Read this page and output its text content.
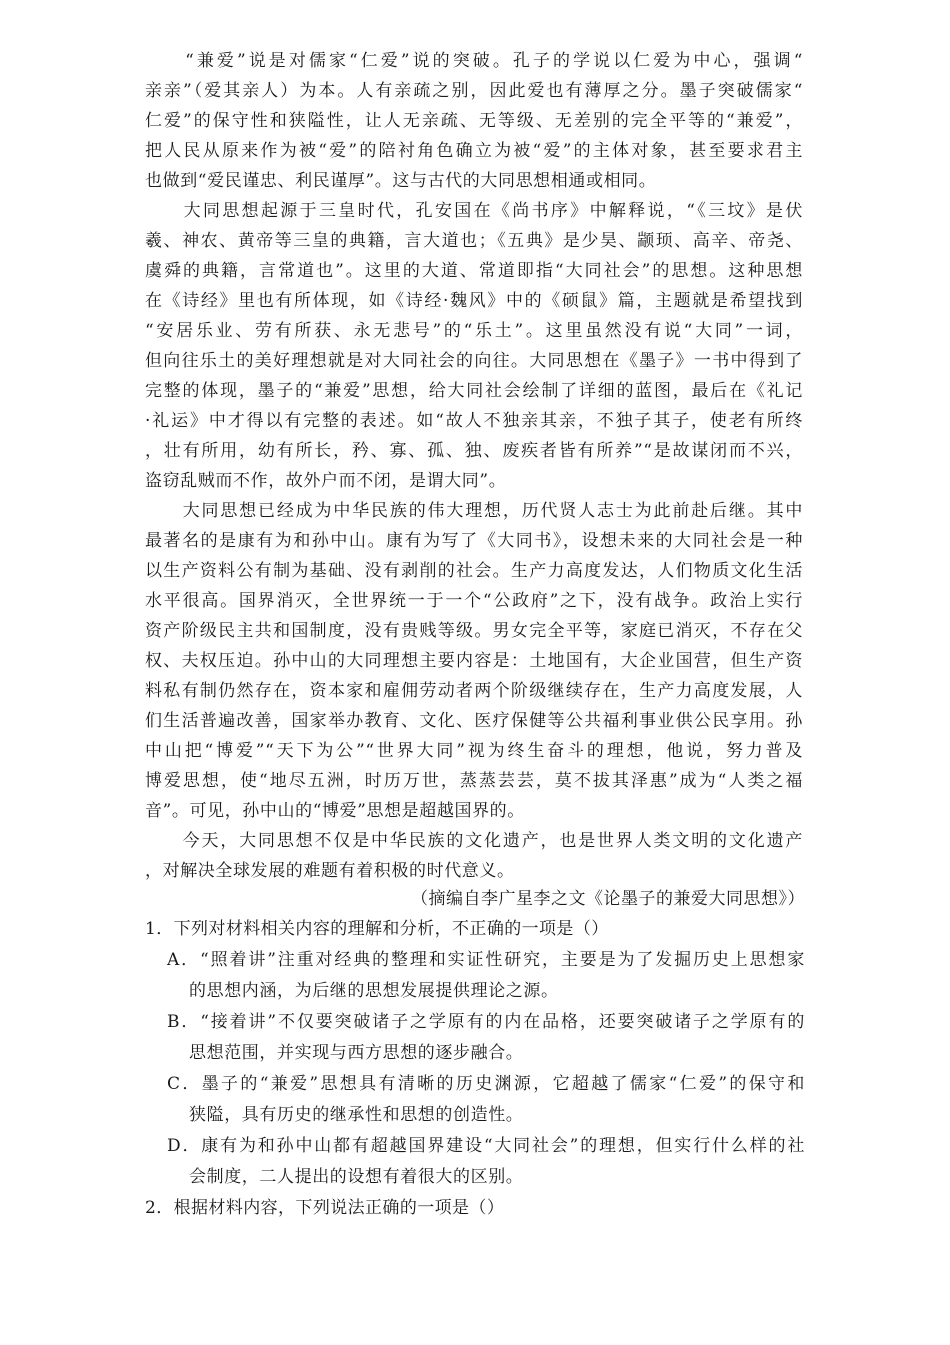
　　“兼爱”说是对儒家“仁爱”说的突破。孔子的学说以仁爱为中心，强调“
亲亲”（爱其亲人）为本。人有亲疏之别，因此爱也有薄厚之分。墨子突破儒家“
仁爱”的保守性和狭隘性，让人无亲疏、无等级、无差别的完全平等的“兼爱”，
把人民从原来作为被“爱”的陪衬角色确立为被“爱”的主体对象，甚至要求君主
也做到“爱民谨忠、利民谨厚”。这与古代的大同思想相通或相同。
　　大同思想起源于三皇时代，孔安国在《尚书序》中解释说，“《三坟》是伏
羲、神农、黄帝等三皇的典籍，言大道也；《五典》是少昊、颛顼、高辛、帝尧、
虞舜的典籍，言常道也”。这里的大道、常道即指“大同社会”的思想。这种思想
在《诗经》里也有所体现，如《诗经·魏风》中的《硕鼠》篇，主题就是希望找到
“安居乐业、劳有所获、永无悲号”的“乐土”。这里虽然没有说“大同”一词，
但向往乐土的美好理想就是对大同社会的向往。大同思想在《墨子》一书中得到了
完整的体现，墨子的“兼爱”思想，给大同社会绘制了详细的蓝图，最后在《礼记
·礼运》中才得以有完整的表述。如“故人不独亲其亲，不独子其子，使老有所终
，壮有所用，幼有所长，矜、寡、孤、独、废疾者皆有所养”“是故谋闭而不兴，
盗窃乱贼而不作，故外户而不闭，是谓大同”。
　　大同思想已经成为中华民族的伟大理想，历代贤人志士为此前赴后继。其中
最著名的是康有为和孙中山。康有为写了《大同书》，设想未来的大同社会是一种
以生产资料公有制为基础、没有剥削的社会。生产力高度发达，人们物质文化生活
水平很高。国界消灭，全世界统一于一个“公政府”之下，没有战争。政治上实行
资产阶级民主共和国制度，没有贵贱等级。男女完全平等，家庭已消灭，不存在父
权、夫权压迫。孙中山的大同理想主要内容是：土地国有，大企业国营，但生产资
料私有制仍然存在，资本家和雇佣劳动者两个阶级继续存在，生产力高度发展，人
们生活普遍改善，国家举办教育、文化、医疗保健等公共福利事业供公民享用。孙
中山把“博爱”“天下为公”“世界大同”视为终生奋斗的理想，他说，努力普及
博爱思想，使“地尽五洲，时历万世，蒸蒸芸芸，莫不拔其泽惠”成为“人类之福
音”。可见，孙中山的“博爱”思想是超越国界的。
　　今天，大同思想不仅是中华民族的文化遗产，也是世界人类文明的文化遗产
，对解决全球发展的难题有着积极的时代意义。
（摘编自李广星李之文《论墨子的兼爱大同思想》）
1．下列对材料相关内容的理解和分析，不正确的一项是（）
A．“照着讲”注重对经典的整理和实证性研究，主要是为了发掘历史上思想家
的思想内涵，为后继的思想发展提供理论之源。
B．“接着讲”不仅要突破诸子之学原有的内在品格，还要突破诸子之学原有的
思想范围，并实现与西方思想的逐步融合。
C．墨子的“兼爱”思想具有清晰的历史渊源，它超越了儒家“仁爱”的保守和
狭隘，具有历史的继承性和思想的创造性。
D．康有为和孙中山都有超越国界建设“大同社会”的理想，但实行什么样的社
会制度，二人提出的设想有着很大的区别。
2．根据材料内容，下列说法正确的一项是（）
